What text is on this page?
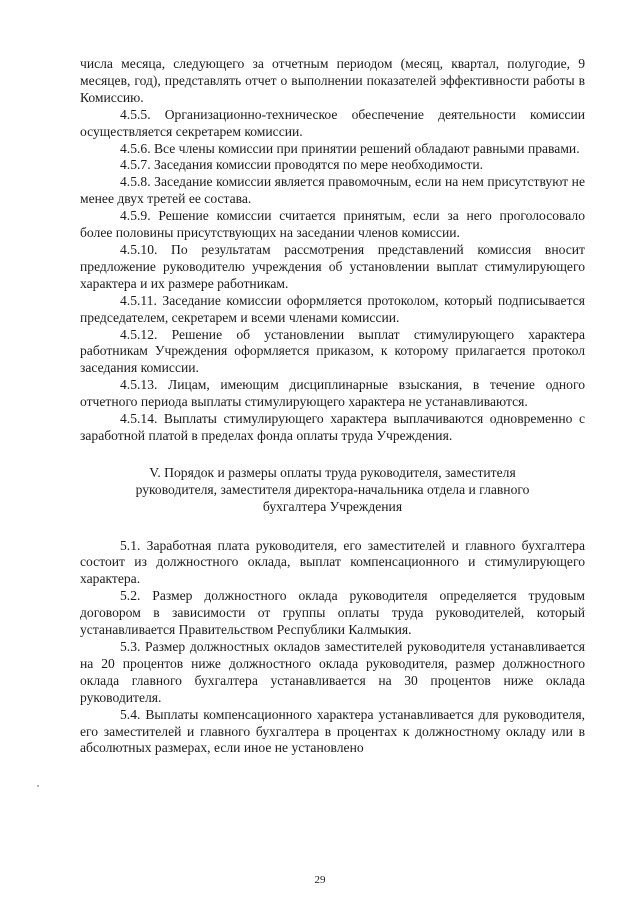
числа месяца, следующего за отчетным периодом (месяц, квартал, полугодие, 9 месяцев, год), представлять отчет о выполнении показателей эффективности работы в Комиссию.

4.5.5. Организационно-техническое обеспечение деятельности комиссии осуществляется секретарем комиссии.

4.5.6. Все члены комиссии при принятии решений обладают равными правами.

4.5.7. Заседания комиссии проводятся по мере необходимости.

4.5.8. Заседание комиссии является правомочным, если на нем присутствуют не менее двух третей ее состава.

4.5.9. Решение комиссии считается принятым, если за него проголосовало более половины присутствующих на заседании членов комиссии.

4.5.10. По результатам рассмотрения представлений комиссия вносит предложение руководителю учреждения об установлении выплат стимулирующего характера и их размере работникам.

4.5.11. Заседание комиссии оформляется протоколом, который подписывается председателем, секретарем и всеми членами комиссии.

4.5.12. Решение об установлении выплат стимулирующего характера работникам Учреждения оформляется приказом, к которому прилагается протокол заседания комиссии.

4.5.13. Лицам, имеющим дисциплинарные взыскания, в течение одного отчетного периода выплаты стимулирующего характера не устанавливаются.

4.5.14. Выплаты стимулирующего характера выплачиваются одновременно с заработной платой в пределах фонда оплаты труда Учреждения.

V. Порядок и размеры оплаты труда руководителя, заместителя руководителя, заместителя директора-начальника отдела и главного бухгалтера Учреждения

5.1. Заработная плата руководителя, его заместителей и главного бухгалтера состоит из должностного оклада, выплат компенсационного и стимулирующего характера.

5.2. Размер должностного оклада руководителя определяется трудовым договором в зависимости от группы оплаты труда руководителей, который устанавливается Правительством Республики Калмыкия.

5.3. Размер должностных окладов заместителей руководителя устанавливается на 20 процентов ниже должностного оклада руководителя, размер должностного оклада главного бухгалтера устанавливается на 30 процентов ниже оклада руководителя.

5.4. Выплаты компенсационного характера устанавливается для руководителя, его заместителей и главного бухгалтера в процентах к должностному окладу или в абсолютных размерах, если иное не установлено

29
